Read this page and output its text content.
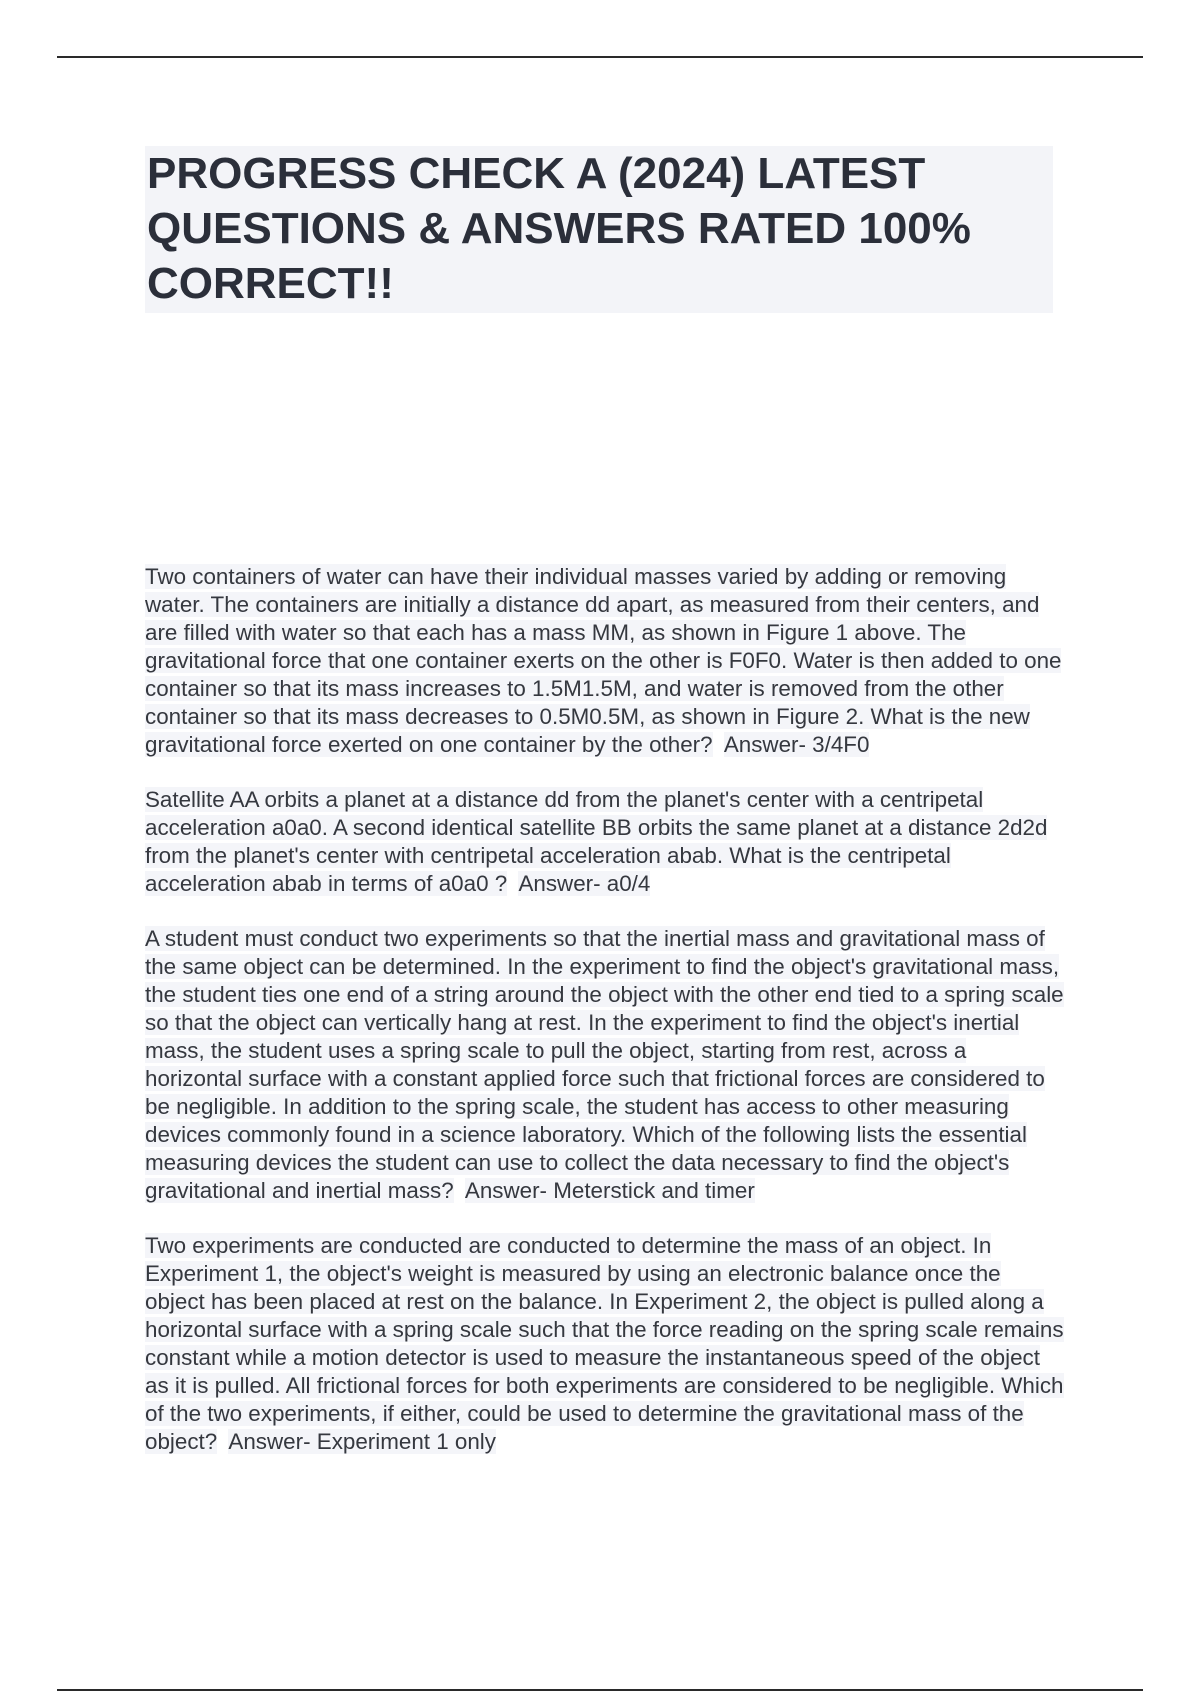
PROGRESS CHECK A (2024) LATEST QUESTIONS & ANSWERS RATED 100% CORRECT!!

Two containers of water can have their individual masses varied by adding or removing water. The containers are initially a distance dd apart, as measured from their centers, and are filled with water so that each has a mass MM, as shown in Figure 1 above. The gravitational force that one container exerts on the other is F0F0. Water is then added to one container so that its mass increases to 1.5M1.5M, and water is removed from the other container so that its mass decreases to 0.5M0.5M, as shown in Figure 2. What is the new gravitational force exerted on one container by the other? Answer- 3/4F0

Satellite AA orbits a planet at a distance dd from the planet's center with a centripetal acceleration a0a0. A second identical satellite BB orbits the same planet at a distance 2d2d from the planet's center with centripetal acceleration abab. What is the centripetal acceleration abab in terms of a0a0 ? Answer- a0/4

A student must conduct two experiments so that the inertial mass and gravitational mass of the same object can be determined. In the experiment to find the object's gravitational mass, the student ties one end of a string around the object with the other end tied to a spring scale so that the object can vertically hang at rest. In the experiment to find the object's inertial mass, the student uses a spring scale to pull the object, starting from rest, across a horizontal surface with a constant applied force such that frictional forces are considered to be negligible. In addition to the spring scale, the student has access to other measuring devices commonly found in a science laboratory. Which of the following lists the essential measuring devices the student can use to collect the data necessary to find the object's gravitational and inertial mass? Answer- Meterstick and timer

Two experiments are conducted are conducted to determine the mass of an object. In Experiment 1, the object's weight is measured by using an electronic balance once the object has been placed at rest on the balance. In Experiment 2, the object is pulled along a horizontal surface with a spring scale such that the force reading on the spring scale remains constant while a motion detector is used to measure the instantaneous speed of the object as it is pulled. All frictional forces for both experiments are considered to be negligible. Which of the two experiments, if either, could be used to determine the gravitational mass of the object? Answer- Experiment 1 only
